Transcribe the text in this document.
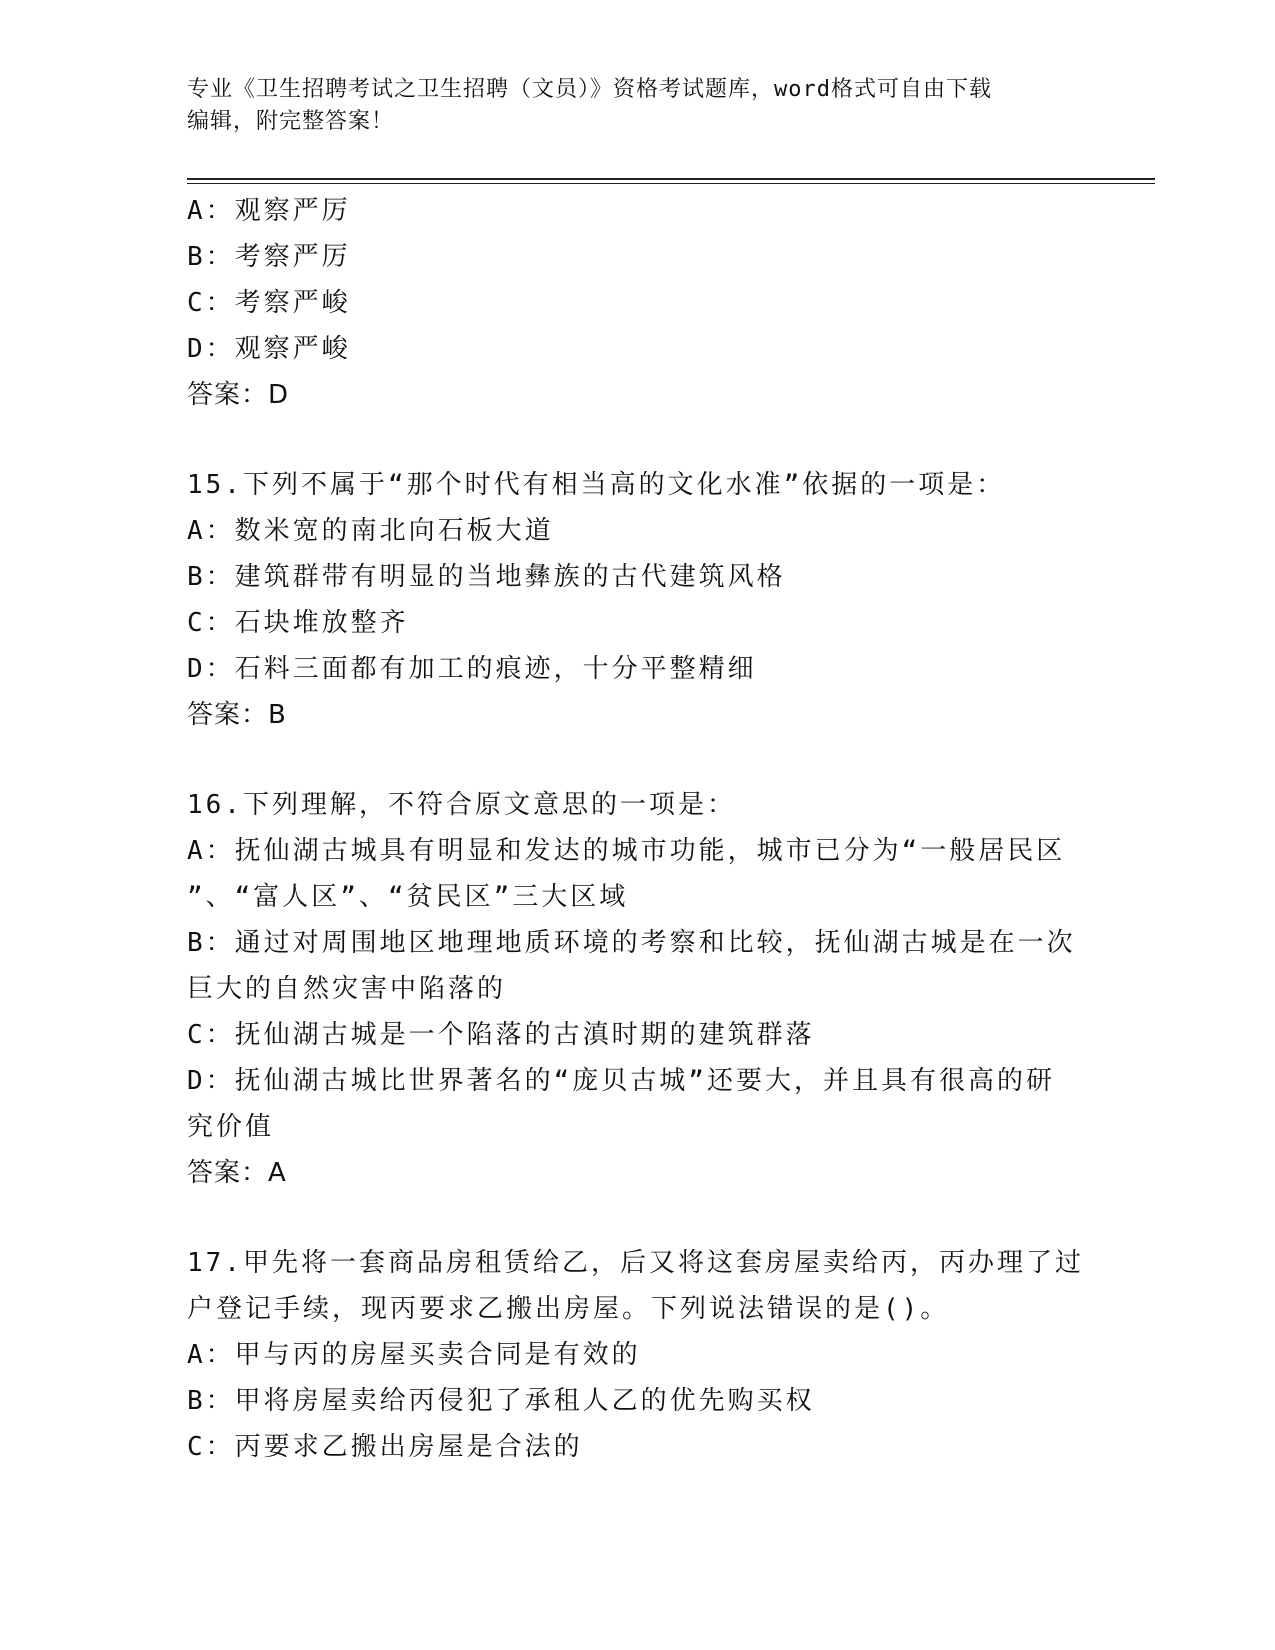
专业《卫生招聘考试之卫生招聘（文员）》资格考试题库，word格式可自由下载
编辑，附完整答案！
A：观察严厉
B：考察严厉
C：考察严峻
D：观察严峻
答案：D
15.下列不属于“那个时代有相当高的文化水准”依据的一项是：
A：数米宽的南北向石板大道
B：建筑群带有明显的当地彝族的古代建筑风格
C：石块堆放整齐
D：石料三面都有加工的痕迹，十分平整精细
答案：B
16.下列理解，不符合原文意思的一项是：
A：抚仙湖古城具有明显和发达的城市功能，城市已分为“一般居民区
”、“富人区”、“贫民区”三大区域
B：通过对周围地区地理地质环境的考察和比较，抚仙湖古城是在一次
巨大的自然灾害中陷落的
C：抚仙湖古城是一个陷落的古滇时期的建筑群落
D：抚仙湖古城比世界著名的“庞贝古城”还要大，并且具有很高的研
究价值
答案：A
17.甲先将一套商品房租赁给乙，后又将这套房屋卖给丙，丙办理了过
户登记手续，现丙要求乙搬出房屋。下列说法错误的是()。
A：甲与丙的房屋买卖合同是有效的
B：甲将房屋卖给丙侵犯了承租人乙的优先购买权
C：丙要求乙搬出房屋是合法的
